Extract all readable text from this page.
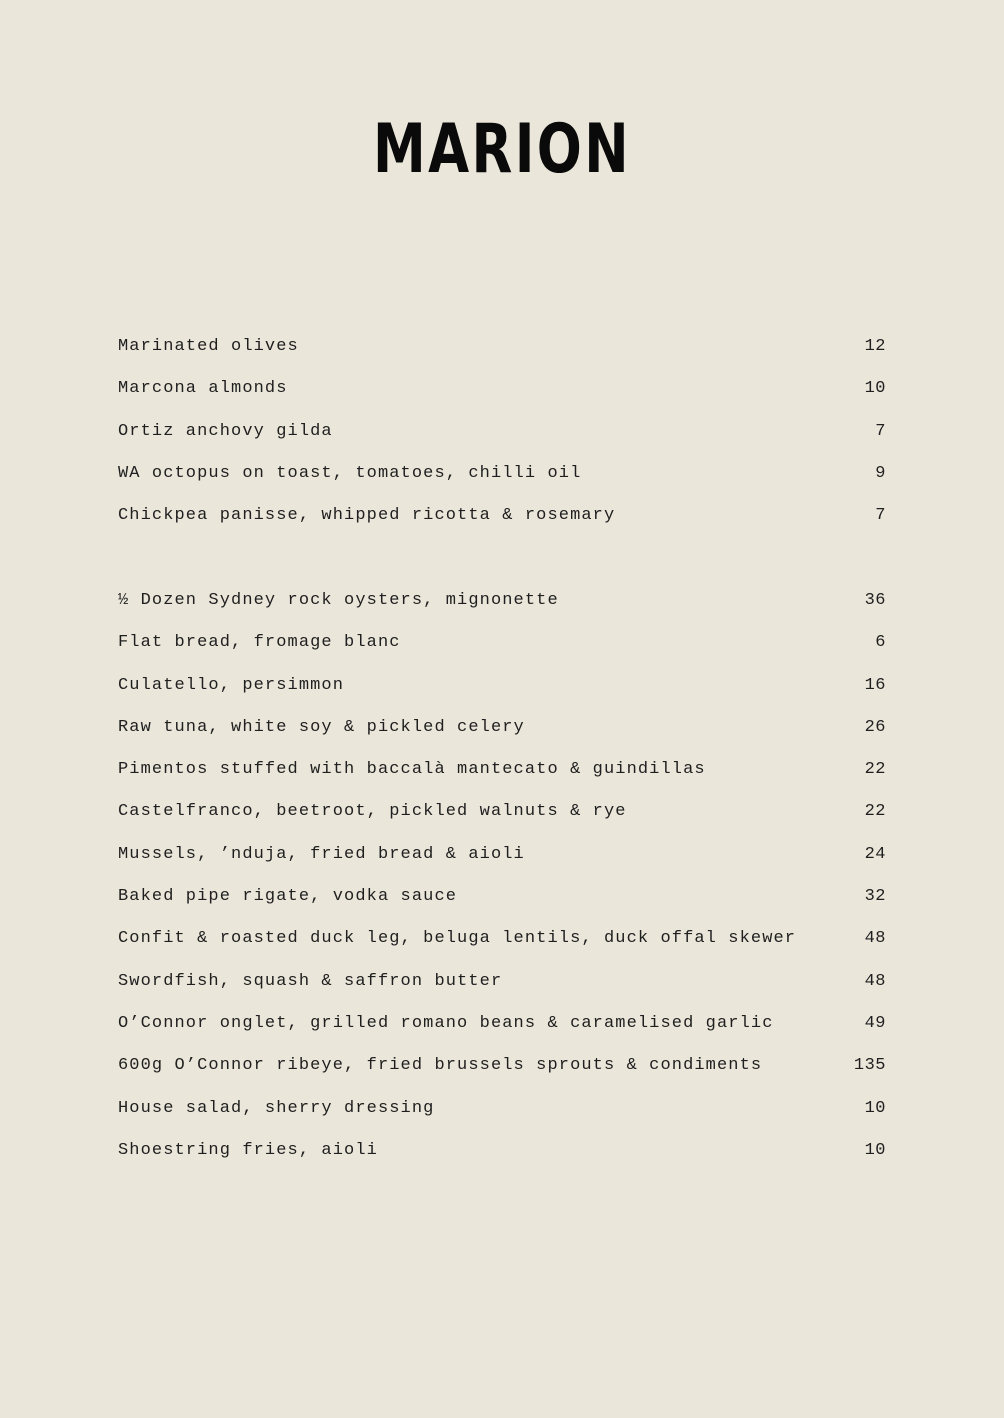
MARION
Marinated olives	12
Marcona almonds	10
Ortiz anchovy gilda	7
WA octopus on toast, tomatoes, chilli oil	9
Chickpea panisse, whipped ricotta & rosemary	7
½ Dozen Sydney rock oysters, mignonette	36
Flat bread, fromage blanc	6
Culatello, persimmon	16
Raw tuna, white soy & pickled celery	26
Pimentos stuffed with baccalà mantecato & guindillas	22
Castelfranco, beetroot, pickled walnuts & rye	22
Mussels, ’nduja, fried bread & aioli	24
Baked pipe rigate, vodka sauce	32
Confit & roasted duck leg, beluga lentils, duck offal skewer	48
Swordfish, squash & saffron butter	48
O’Connor onglet, grilled romano beans & caramelised garlic	49
600g O’Connor ribeye, fried brussels sprouts & condiments	135
House salad, sherry dressing	10
Shoestring fries, aioli	10
